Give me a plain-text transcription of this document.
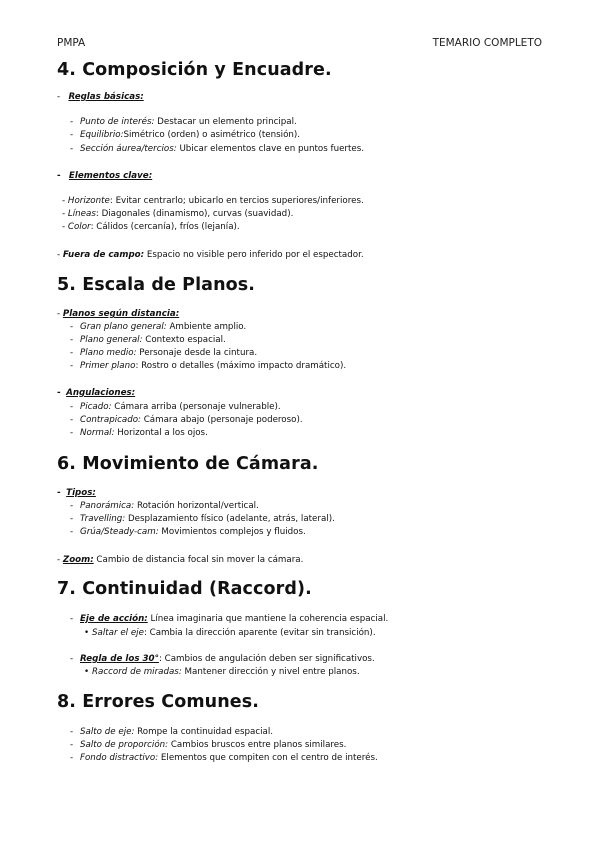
PMPA	TEMARIO COMPLETO
4. Composición y Encuadre.
- Reglas básicas:
- Punto de interés: Destacar un elemento principal.
- Equilibrio:Simétrico (orden) o asimétrico (tensión).
- Sección áurea/tercios: Ubicar elementos clave en puntos fuertes.
- Elementos clave:
- Horizonte: Evitar centrarlo; ubicarlo en tercios superiores/inferiores.
- Líneas: Diagonales (dinamismo), curvas (suavidad).
- Color: Cálidos (cercanía), fríos (lejanía).
- Fuera de campo: Espacio no visible pero inferido por el espectador.
5. Escala de Planos.
- Planos según distancia:
- Gran plano general: Ambiente amplio.
- Plano general: Contexto espacial.
- Plano medio: Personaje desde la cintura.
- Primer plano: Rostro o detalles (máximo impacto dramático).
- Angulaciones:
- Picado: Cámara arriba (personaje vulnerable).
- Contrapicado: Cámara abajo (personaje poderoso).
- Normal: Horizontal a los ojos.
6. Movimiento de Cámara.
- Tipos:
- Panorámica: Rotación horizontal/vertical.
- Travelling: Desplazamiento físico (adelante, atrás, lateral).
- Grúa/Steady-cam: Movimientos complejos y fluidos.
- Zoom: Cambio de distancia focal sin mover la cámara.
7. Continuidad (Raccord).
- Eje de acción: Línea imaginaria que mantiene la coherencia espacial.
• Saltar el eje: Cambia la dirección aparente (evitar sin transición).
- Regla de los 30°: Cambios de angulación deben ser significativos.
• Raccord de miradas: Mantener dirección y nivel entre planos.
8. Errores Comunes.
- Salto de eje: Rompe la continuidad espacial.
- Salto de proporción: Cambios bruscos entre planos similares.
- Fondo distractivo: Elementos que compiten con el centro de interés.
